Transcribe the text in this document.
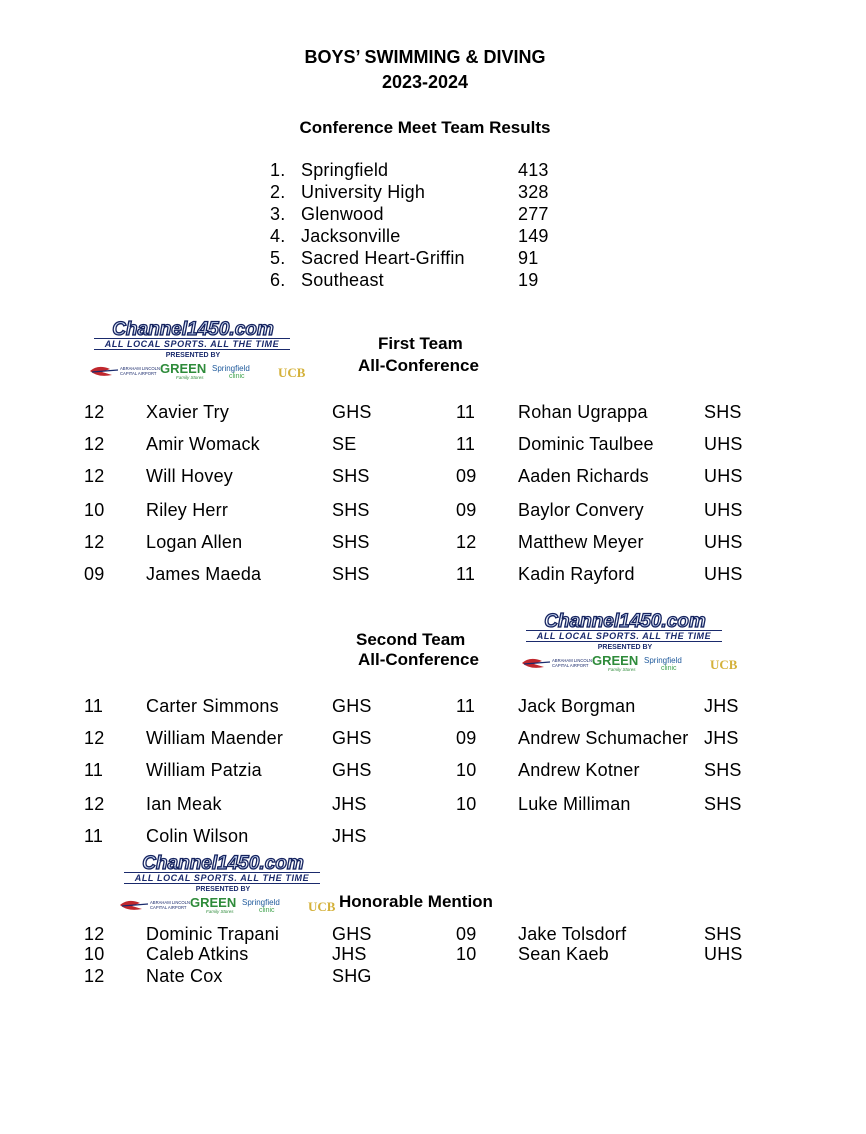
BOYS’ SWIMMING & DIVING
2023-2024
Conference Meet Team Results
1. Springfield	413
2. University High	328
3. Glenwood	277
4. Jacksonville	149
5. Sacred Heart-Griffin	91
6. Southeast	19
Channel1450.com
ALL LOCAL SPORTS. ALL THE TIME
PRESENTED BY
ABRAHAM LINCOLN
CAPITAL AIRPORT GREEN
Family Stores
Springfield
clinic	UCB
Channel1450.com
ALL LOCAL SPORTS. ALL THE TIME
PRESENTED BY
ABRAHAM LINCOLN
CAPITAL AIRPORT GREEN
Family Stores
Springfield
clinic	UCB
Channel1450.com
ALL LOCAL SPORTS. ALL THE TIME
PRESENTED BY
ABRAHAM LINCOLN
CAPITAL AIRPORT GREEN
Family Stores
Springfield
clinic	UCB
First Team
All-Conference
12 Xavier Try	GHS	11 Rohan Ugrappa	SHS
12 Amir Womack	SE	11 Dominic Taulbee	UHS
12 Will Hovey	SHS	09 Aaden Richards	UHS
10 Riley Herr	SHS	09 Baylor Convery	UHS
12 Logan Allen	SHS	12 Matthew Meyer	UHS
09 James Maeda	SHS	11 Kadin Rayford	UHS
Second Team
All-Conference
11 Carter Simmons	GHS	11 Jack Borgman	JHS
12 William Maender	GHS	09 Andrew Schumacher JHS
11 William Patzia	GHS	10 Andrew Kotner	SHS
12 Ian Meak	JHS	10 Luke Milliman	SHS
11 Colin Wilson	JHS
Honorable Mention
12 Dominic Trapani	GHS	09 Jake Tolsdorf	SHS
10 Caleb Atkins	JHS	10 Sean Kaeb	UHS
12 Nate Cox	SHG
